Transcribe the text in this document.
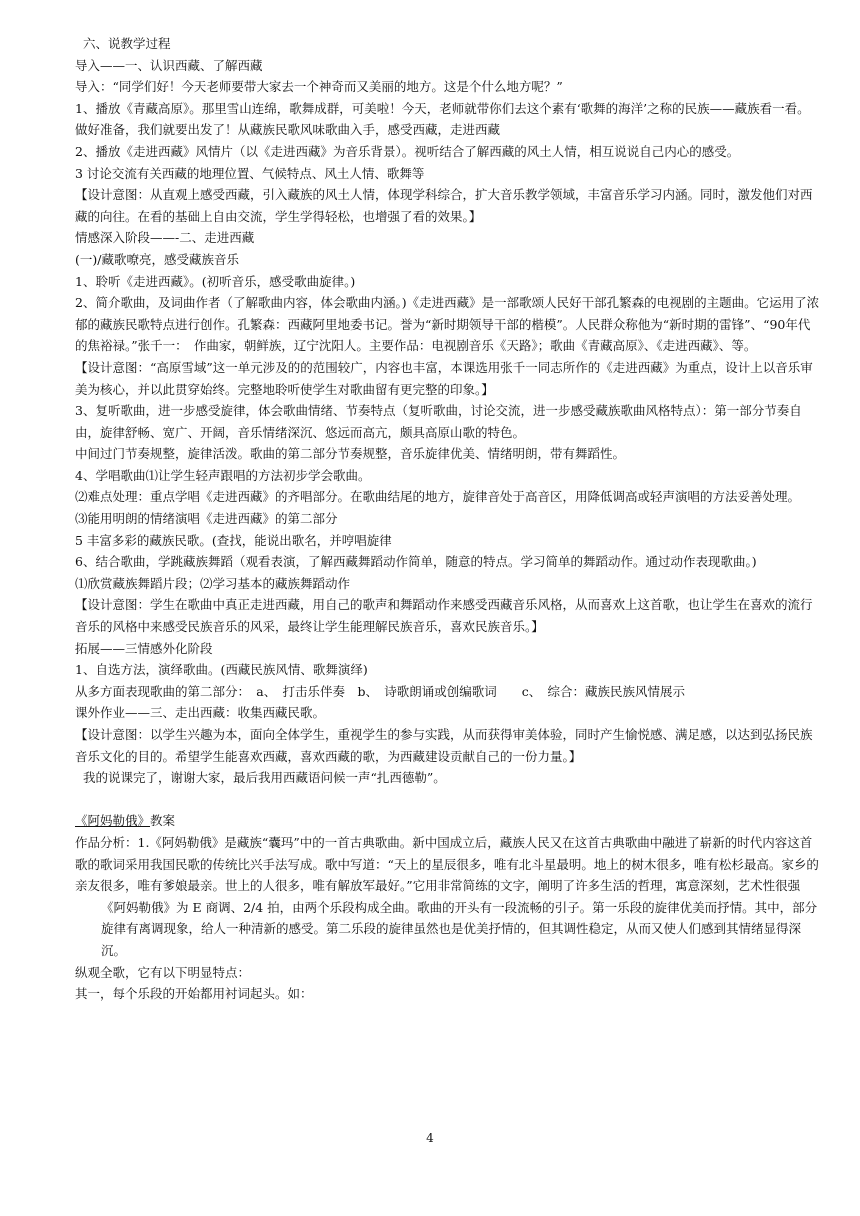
六、说教学过程
导入——一、认识西藏、了解西藏
导入：“同学们好！今天老师要带大家去一个神奇而又美丽的地方。这是个什么地方呢？”
1、播放《青藏高原》。那里雪山连绵，歌舞成群，可美啦！今天，老师就带你们去这个素有‘歌舞的海洋’之称的民族——藏族看一看。做好准备，我们就要出发了！从藏族民歌风味歌曲入手，感受西藏，走进西藏
2、播放《走进西藏》风情片（以《走进西藏》为音乐背景）。视听结合了解西藏的风土人情，相互说说自己内心的感受。
3 讨论交流有关西藏的地理位置、气候特点、风土人情、歌舞等
【设计意图：从直观上感受西藏，引入藏族的风土人情，体现学科综合，扩大音乐教学领域，丰富音乐学习内涵。同时，激发他们对西藏的向往。在看的基础上自由交流，学生学得轻松，也增强了看的效果。】
情感深入阶段——-二、走进西藏
(一)/藏歌嘹亮，感受藏族音乐
1、聆听《走进西藏》。(初听音乐，感受歌曲旋律。)
2、简介歌曲，及词曲作者（了解歌曲内容，体会歌曲内涵。)《走进西藏》是一部歌颂人民好干部孔繁森的电视剧的主题曲。它运用了浓郁的藏族民歌特点进行创作。孔繁森：西藏阿里地委书记。誉为“新时期领导干部的楷模”。人民群众称他为“新时期的雷锋”、“90年代的焦裕禄。”张千一：　作曲家，朝鲜族，辽宁沈阳人。主要作品：电视剧音乐《天路》；歌曲《青藏高原》、《走进西藏》、等。
【设计意图：“高原雪域”这一单元涉及的的范围较广，内容也丰富，本课选用张千一同志所作的《走进西藏》为重点，设计上以音乐审美为核心，并以此贯穿始终。完整地聆听使学生对歌曲留有更完整的印象。】
3、复听歌曲，进一步感受旋律，体会歌曲情绪、节奏特点（复听歌曲，讨论交流，进一步感受藏族歌曲风格特点）：第一部分节奏自由，旋律舒畅、宽广、开阔，音乐情绪深沉、悠远而高亢，颇具高原山歌的特色。
中间过门节奏规整，旋律活泼。歌曲的第二部分节奏规整，音乐旋律优美、情绪明朗，带有舞蹈性。
4、学唱歌曲⑴让学生轻声跟唱的方法初步学会歌曲。
⑵难点处理：重点学唱《走进西藏》的齐唱部分。在歌曲结尾的地方，旋律音处于高音区，用降低调高或轻声演唱的方法妥善处理。
⑶能用明朗的情绪演唱《走进西藏》的第二部分
5 丰富多彩的藏族民歌。(查找，能说出歌名，并哼唱旋律
6、结合歌曲，学跳藏族舞蹈（观看表演，了解西藏舞蹈动作简单，随意的特点。学习简单的舞蹈动作。通过动作表现歌曲。)
⑴欣赏藏族舞蹈片段；⑵学习基本的藏族舞蹈动作
【设计意图：学生在歌曲中真正走进西藏，用自己的歌声和舞蹈动作来感受西藏音乐风格，从而喜欢上这首歌，也让学生在喜欢的流行音乐的风格中来感受民族音乐的风采，最终让学生能理解民族音乐，喜欢民族音乐。】
拓展——三情感外化阶段
1、自选方法，演绎歌曲。(西藏民族风情、歌舞演绎)
从多方面表现歌曲的第二部分：　a、　打击乐伴奏　b、　诗歌朗诵或创编歌词　　c、　综合：藏族民族风情展示
课外作业——三、走出西藏：收集西藏民歌。
【设计意图：以学生兴趣为本，面向全体学生，重视学生的参与实践，从而获得审美体验，同时产生愉悦感、满足感，以达到弘扬民族音乐文化的目的。希望学生能喜欢西藏，喜欢西藏的歌，为西藏建设贡献自己的一份力量。】
我的说课完了，谢谢大家，最后我用西藏语问候一声“扎西德勒”。
《阿妈勒俄》教案
作品分析：1.《阿妈勒俄》是藏族“囊玛”中的一首古典歌曲。新中国成立后，藏族人民又在这首古典歌曲中融进了崭新的时代内容这首歌的歌词采用我国民歌的传统比兴手法写成。歌中写道：“天上的星辰很多，唯有北斗星最明。地上的树木很多，唯有松杉最高。家乡的亲友很多，唯有爹娘最亲。世上的人很多，唯有解放军最好。”它用非常简练的文字，阐明了许多生活的哲理，寓意深刻，艺术性很强
《阿妈勒俄》为 E 商调、2/4 拍，由两个乐段构成全曲。歌曲的开头有一段流畅的引子。第一乐段的旋律优美而抒情。其中，部分旋律有离调现象，给人一种清新的感受。第二乐段的旋律虽然也是优美抒情的，但其调性稳定，从而又使人们感到其情绪显得深沉。
纵观全歌，它有以下明显特点：
其一，每个乐段的开始都用衬词起头。如：
4
